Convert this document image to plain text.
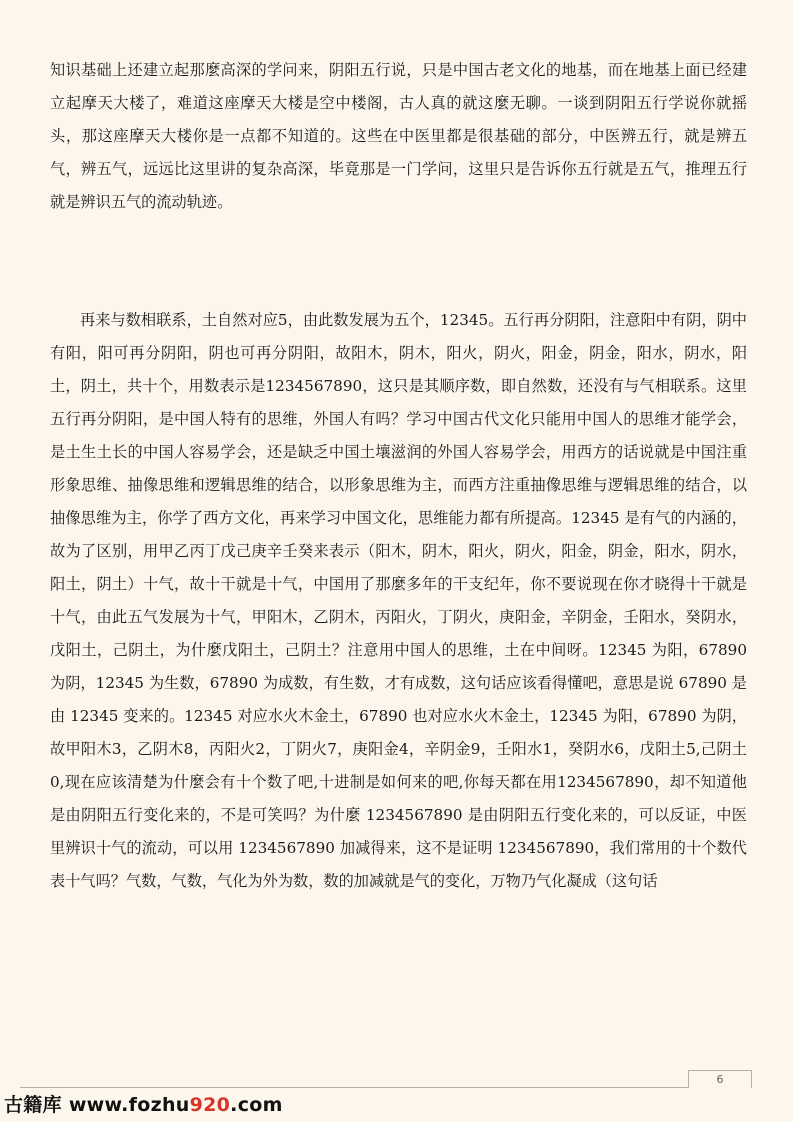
知识基础上还建立起那麼高深的学问来，阴阳五行说，只是中国古老文化的地基，而在地基上面已经建立起摩天大楼了，难道这座摩天大楼是空中楼阁，古人真的就这麼无聊。一谈到阴阳五行学说你就摇头，那这座摩天大楼你是一点都不知道的。这些在中医里都是很基础的部分，中医辨五行，就是辨五气，辨五气，远远比这里讲的复杂高深，毕竟那是一门学问，这里只是告诉你五行就是五气，推理五行就是辨识五气的流动轨迹。

再来与数相联系，土自然对应5，由此数发展为五个，12345。五行再分阴阳，注意阳中有阴，阴中有阳，阳可再分阴阳，阴也可再分阴阳，故阳木，阴木，阳火，阴火，阳金，阴金，阳水，阴水，阳土，阴土，共十个，用数表示是1234567890，这只是其顺序数，即自然数，还没有与气相联系。这里五行再分阴阳，是中国人特有的思维，外国人有吗？学习中国古代文化只能用中国人的思维才能学会，是土生土长的中国人容易学会，还是缺乏中国土壤滋润的外国人容易学会，用西方的话说就是中国注重形象思维、抽像思维和逻辑思维的结合，以形象思维为主，而西方注重抽像思维与逻辑思维的结合，以抽像思维为主，你学了西方文化，再来学习中国文化，思维能力都有所提高。12345 是有气的内涵的，故为了区别，用甲乙丙丁戊己庚辛壬癸来表示（阳木，阴木，阳火，阴火，阳金，阴金，阳水，阴水，阳土，阴土）十气，故十干就是十气，中国用了那麼多年的干支纪年，你不要说现在你才晓得十干就是十气，由此五气发展为十气，甲阳木，乙阴木，丙阳火，丁阴火，庚阳金，辛阴金，壬阳水，癸阴水，戊阳土，己阴土，为什麼戊阳土，己阴土？注意用中国人的思维，土在中间呀。12345 为阳，67890 为阴，12345 为生数，67890 为成数，有生数，才有成数，这句话应该看得懂吧，意思是说 67890 是由 12345 变来的。12345 对应水火木金土，67890 也对应水火木金土，12345 为阳，67890 为阴，故甲阳木3，乙阴木8，丙阳火2，丁阴火7，庚阳金4，辛阴金9，壬阳水1，癸阴水6，戊阳土5,己阴土0,现在应该清楚为什麼会有十个数了吧,十进制是如何来的吧,你每天都在用1234567890，却不知道他是由阴阳五行变化来的，不是可笑吗？为什麼 1234567890 是由阴阳五行变化来的，可以反证，中医里辨识十气的流动，可以用 1234567890 加减得来，这不是证明 1234567890，我们常用的十个数代表十气吗？气数，气数，气化为外为数，数的加减就是气的变化，万物乃气化凝成（这句话

6
古籍库 www.fozhu920.com
